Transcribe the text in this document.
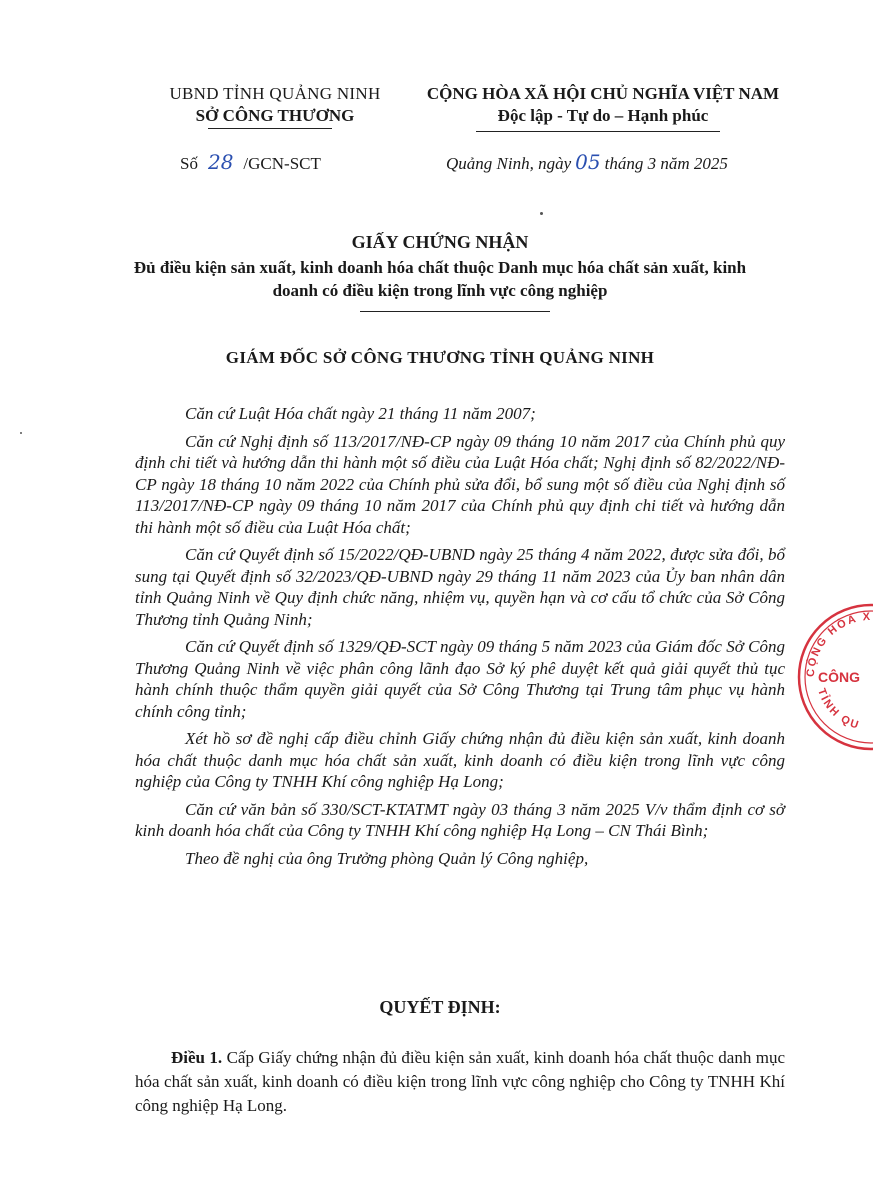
UBND TỈNH QUẢNG NINH
SỞ CÔNG THƯƠNG
CỘNG HÒA XÃ HỘI CHỦ NGHĨA VIỆT NAM
Độc lập - Tự do – Hạnh phúc
Số 28 /GCN-SCT	Quảng Ninh, ngày 05 tháng 3 năm 2025
GIẤY CHỨNG NHẬN
Đủ điều kiện sản xuất, kinh doanh hóa chất thuộc Danh mục hóa chất sản xuất, kinh doanh có điều kiện trong lĩnh vực công nghiệp
GIÁM ĐỐC SỞ CÔNG THƯƠNG TỈNH QUẢNG NINH

Căn cứ Luật Hóa chất ngày 21 tháng 11 năm 2007;

Căn cứ Nghị định số 113/2017/NĐ-CP ngày 09 tháng 10 năm 2017 của Chính phủ quy định chi tiết và hướng dẫn thi hành một số điều của Luật Hóa chất; Nghị định số 82/2022/NĐ-CP ngày 18 tháng 10 năm 2022 của Chính phủ sửa đổi, bổ sung một số điều của Nghị định số 113/2017/NĐ-CP ngày 09 tháng 10 năm 2017 của Chính phủ quy định chi tiết và hướng dẫn thi hành một số điều của Luật Hóa chất;

Căn cứ Quyết định số 15/2022/QĐ-UBND ngày 25 tháng 4 năm 2022, được sửa đổi, bổ sung tại Quyết định số 32/2023/QĐ-UBND ngày 29 tháng 11 năm 2023 của Ủy ban nhân dân tỉnh Quảng Ninh về Quy định chức năng, nhiệm vụ, quyền hạn và cơ cấu tổ chức của Sở Công Thương tỉnh Quảng Ninh;

Căn cứ Quyết định số 1329/QĐ-SCT ngày 09 tháng 5 năm 2023 của Giám đốc Sở Công Thương Quảng Ninh về việc phân công lãnh đạo Sở ký phê duyệt kết quả giải quyết thủ tục hành chính thuộc thẩm quyền giải quyết của Sở Công Thương tại Trung tâm phục vụ hành chính công tỉnh;

Xét hồ sơ đề nghị cấp điều chỉnh Giấy chứng nhận đủ điều kiện sản xuất, kinh doanh hóa chất thuộc danh mục hóa chất sản xuất, kinh doanh có điều kiện trong lĩnh vực công nghiệp của Công ty TNHH Khí công nghiệp Hạ Long;

Căn cứ văn bản số 330/SCT-KTATMT ngày 03 tháng 3 năm 2025 V/v thẩm định cơ sở kinh doanh hóa chất của Công ty TNHH Khí công nghiệp Hạ Long – CN Thái Bình;

Theo đề nghị của ông Trưởng phòng Quản lý Công nghiệp,

QUYẾT ĐỊNH:

Điều 1. Cấp Giấy chứng nhận đủ điều kiện sản xuất, kinh doanh hóa chất thuộc danh mục hóa chất sản xuất, kinh doanh có điều kiện trong lĩnh vực công nghiệp cho Công ty TNHH Khí công nghiệp Hạ Long.

CỘNG HÒA X
CÔNG
TỈNH QU
